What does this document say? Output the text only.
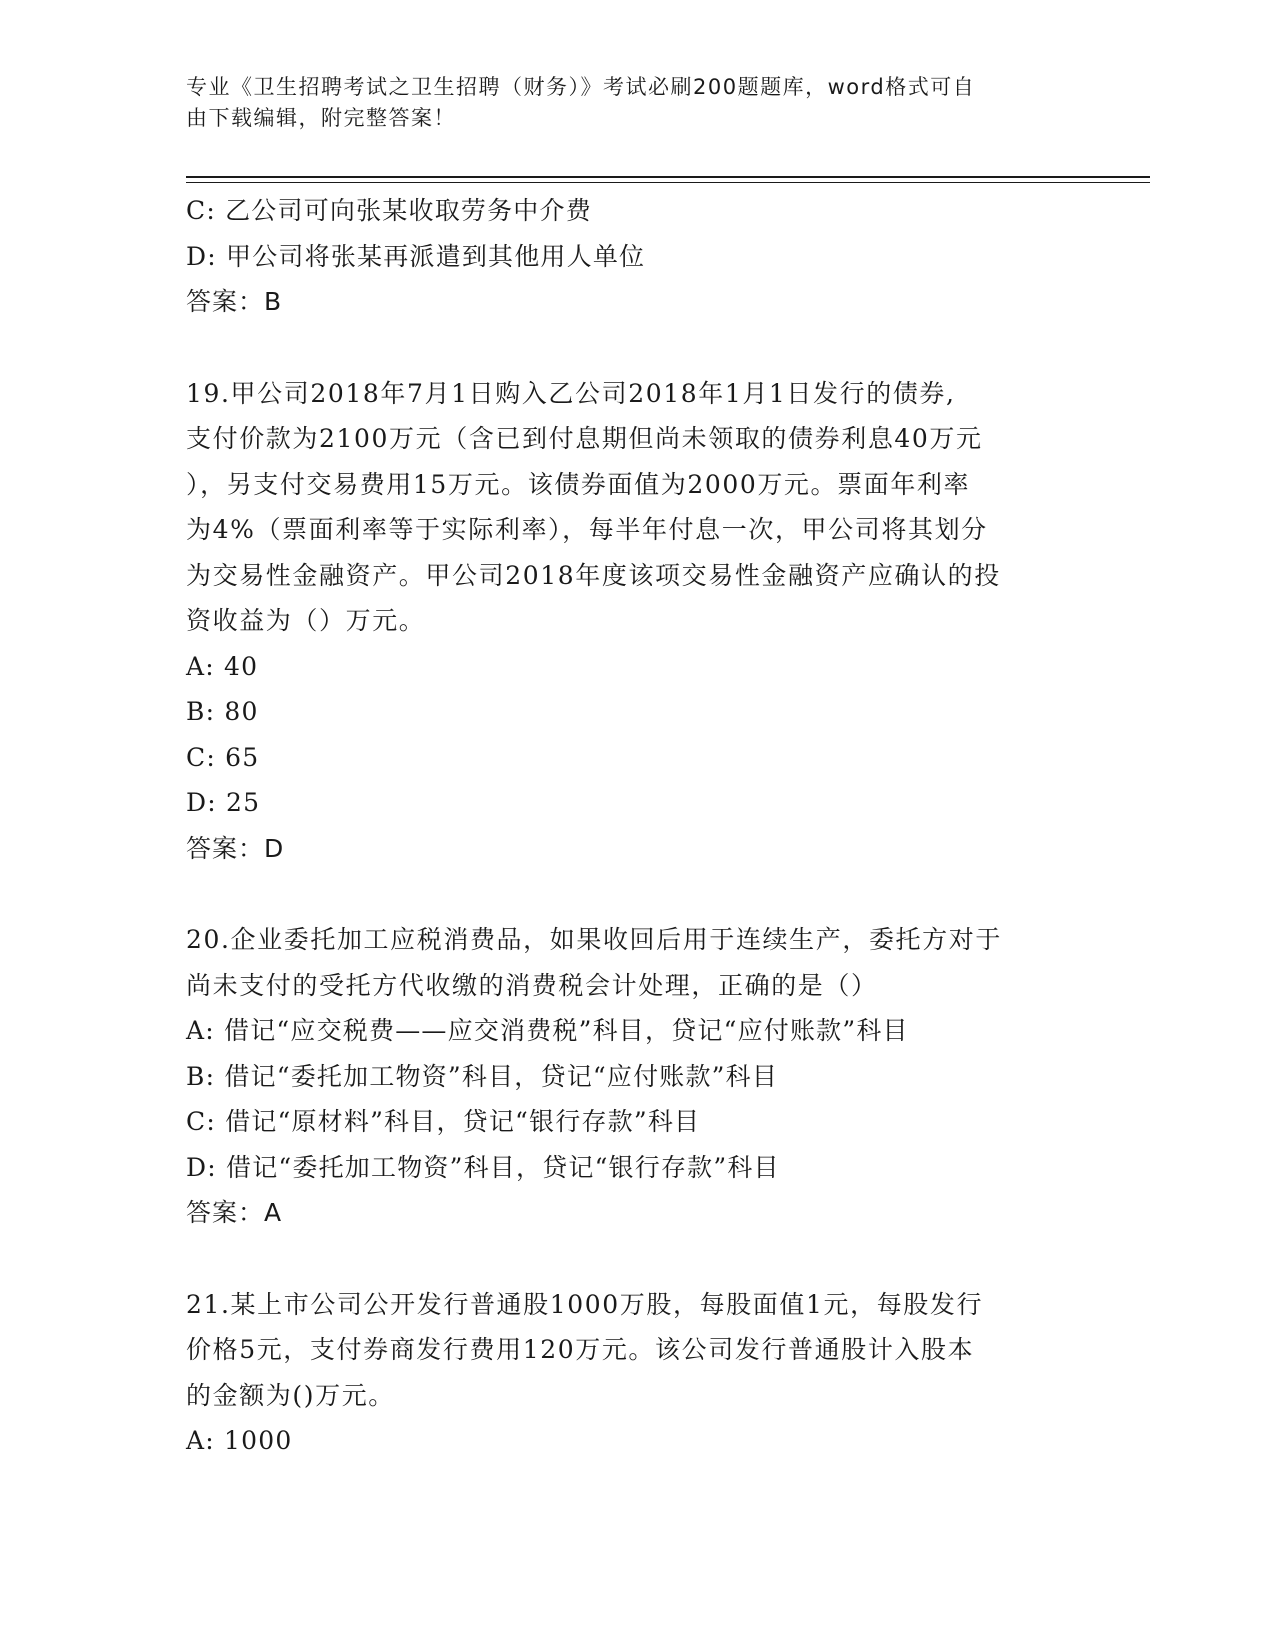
专业《卫生招聘考试之卫生招聘（财务）》考试必刷200题题库，word格式可自
由下载编辑，附完整答案！
C: 乙公司可向张某收取劳务中介费
D: 甲公司将张某再派遣到其他用人单位
答案：B
19.甲公司2018年7月1日购入乙公司2018年1月1日发行的债券,
支付价款为2100万元（含已到付息期但尚未领取的债券利息40万元
），另支付交易费用15万元。该债券面值为2000万元。票面年利率
为4%（票面利率等于实际利率），每半年付息一次，甲公司将其划分
为交易性金融资产。甲公司2018年度该项交易性金融资产应确认的投
资收益为（）万元。
A: 40
B: 80
C: 65
D: 25
答案：D
20.企业委托加工应税消费品，如果收回后用于连续生产，委托方对于
尚未支付的受托方代收缴的消费税会计处理，正确的是（）
A: 借记“应交税费——应交消费税”科目，贷记“应付账款”科目
B: 借记“委托加工物资”科目，贷记“应付账款”科目
C: 借记“原材料”科目，贷记“银行存款”科目
D: 借记“委托加工物资”科目，贷记“银行存款”科目
答案：A
21.某上市公司公开发行普通股1000万股，每股面值1元，每股发行
价格5元，支付券商发行费用120万元。该公司发行普通股计入股本
的金额为()万元。
A: 1000
